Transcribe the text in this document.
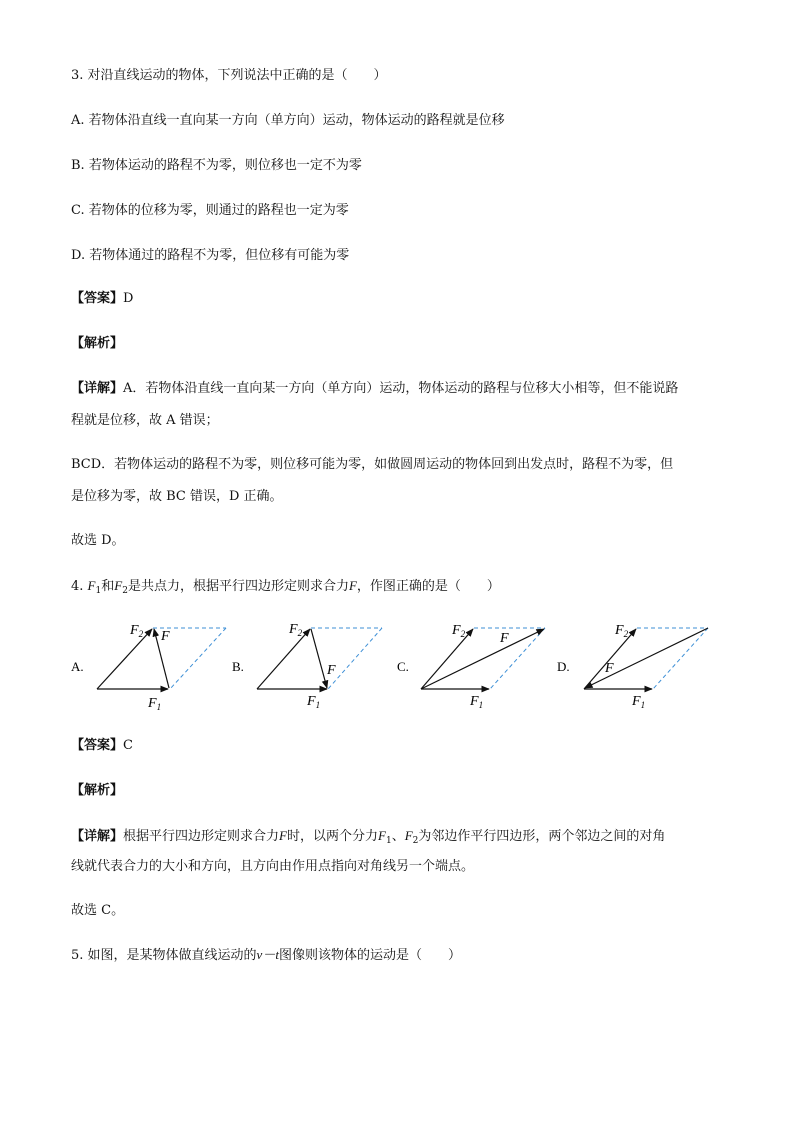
3. 对沿直线运动的物体，下列说法中正确的是（　　）
A. 若物体沿直线一直向某一方向（单方向）运动，物体运动的路程就是位移
B. 若物体运动的路程不为零，则位移也一定不为零
C. 若物体的位移为零，则通过的路程也一定为零
D. 若物体通过的路程不为零，但位移有可能为零
【答案】D
【解析】
【详解】A．若物体沿直线一直向某一方向（单方向）运动，物体运动的路程与位移大小相等，但不能说路
程就是位移，故 A 错误；
BCD．若物体运动的路程不为零，则位移可能为零，如做圆周运动的物体回到出发点时，路程不为零，但
是位移为零，故 BC 错误，D 正确。
故选 D。
4. $F_1$和$F_2$是共点力，根据平行四边形定则求合力F，作图正确的是（　　）
A.
$F_2$ F
$F_1$
B.
$F_2$
F
$F_1$
C.
$F_2$ F
$F_1$
D.
$F_2$
F
$F_1$
【答案】C
【解析】
【详解】根据平行四边形定则求合力F时，以两个分力$F_1$、$F_2$为邻边作平行四边形，两个邻边之间的对角
线就代表合力的大小和方向，且方向由作用点指向对角线另一个端点。
故选 C。
5. 如图，是某物体做直线运动的v－t图像则该物体的运动是（　　）
